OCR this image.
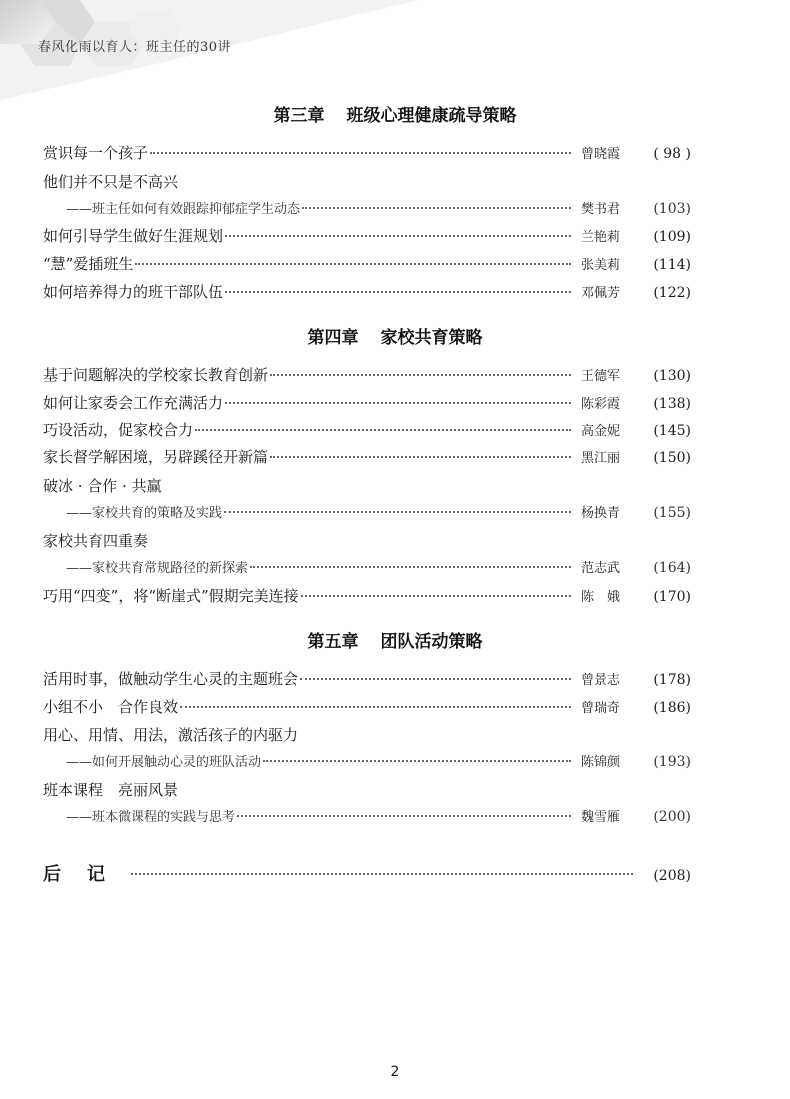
春风化雨以育人：班主任的30讲
第三章 班级心理健康疏导策略
赏识每一个孩子	曾晓霞	( 98 )
他们并不只是不高兴
——班主任如何有效跟踪抑郁症学生动态	樊书君	(103)
如何引导学生做好生涯规划	兰艳莉	(109)
“慧”爱插班生	张美莉	(114)
如何培养得力的班干部队伍	邓佩芳	(122)
第四章 家校共育策略
基于问题解决的学校家长教育创新	王德军	(130)
如何让家委会工作充满活力	陈彩霞	(138)
巧设活动，促家校合力	高金妮	(145)
家长督学解困境，另辟蹊径开新篇	黑江丽	(150)
破冰 · 合作 · 共赢
——家校共育的策略及实践	杨换青	(155)
家校共育四重奏
——家校共育常规路径的新探索	范志武	(164)
巧用“四变”，将“断崖式”假期完美连接	陈娥	(170)
第五章 团队活动策略
活用时事，做触动学生心灵的主题班会	曾景志	(178)
小组不小　合作良效	曾瑞奇	(186)
用心、用情、用法，激活孩子的内驱力
——如何开展触动心灵的班队活动	陈锦颜	(193)
班本课程　亮丽风景
——班本微课程的实践与思考	魏雪雁	(200)
后记	(208)
2
